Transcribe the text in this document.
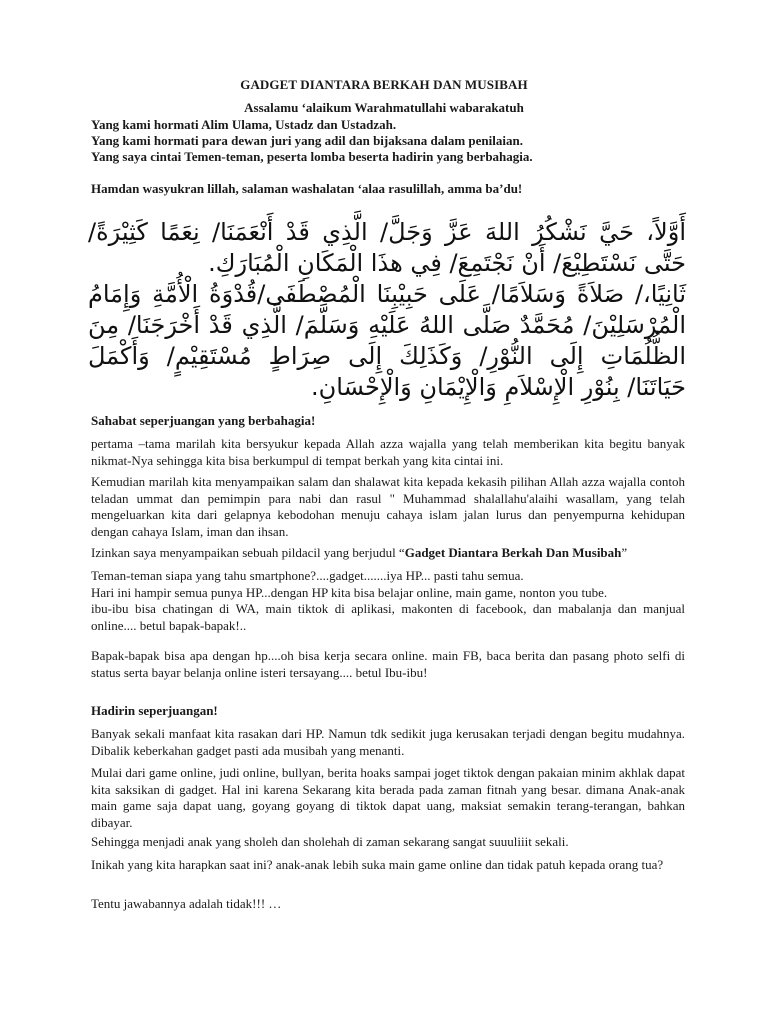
GADGET DIANTARA BERKAH DAN MUSIBAH
Assalamu ‘alaikum Warahmatullahi wabarakatuh
Yang kami hormati Alim Ulama, Ustadz dan Ustadzah.
Yang kami hormati para dewan juri yang adil dan bijaksana dalam penilaian.
Yang saya cintai Temen-teman, peserta lomba beserta hadirin yang berbahagia.
Hamdan wasyukran lillah, salaman washalatan ‘alaa rasulillah, amma ba’du!
أَوَّلاً، حَيَّ نَشْكُرُ اللهَ عَزَّ وَجَلَّ/ الَّذِي قَدْ أَنْعَمَنَا/ نِعَمًا كَثِيْرَةً/ حَتَّى نَسْتَطِيْعَ/ أَنْ نَجْتَمِعَ/ فِي هذَا الْمَكَانِ الْمُبَارَكِ.
ثَانِيًا،/ صَلاَةً وَسَلاَمًا/ عَلَى حَبِيْبِنَا الْمُصْطَفَى/قُدْوَةُ الْأُمَّةِ وَإِمَامُ الْمُرْسَلِيْنَ/ مُحَمَّدٌ صَلَّى اللهُ عَلَيْهِ وَسَلَّمَ/ الَّذِي قَدْ أَخْرَجَنَا/ مِنَ الظُّلُمَاتِ إِلَى النُّوْرِ/ وَكَذَلِكَ إِلَى صِرَاطٍ مُسْتَقِيْمٍ/ وَأَكْمَلَ حَيَاتَنَا/ بِنُوْرِ الْإِسْلاَمِ وَالْإِيْمَانِ وَالْإِحْسَانِ.
Sahabat seperjuangan yang berbahagia!
pertama –tama marilah kita bersyukur kepada Allah azza wajalla yang telah memberikan kita begitu banyak nikmat-Nya sehingga kita bisa berkumpul di tempat berkah yang kita cintai ini.
Kemudian marilah kita menyampaikan salam dan shalawat kita kepada kekasih pilihan Allah azza wajalla contoh teladan ummat dan pemimpin para nabi dan rasul " Muhammad shalallahu'alaihi wasallam, yang telah mengeluarkan kita dari gelapnya kebodohan menuju cahaya islam jalan lurus dan penyempurna kehidupan dengan cahaya Islam, iman dan ihsan.
Izinkan saya menyampaikan sebuah pildacil yang berjudul “Gadget Diantara Berkah Dan Musibah”
Teman-teman siapa yang tahu smartphone?....gadget.......iya HP... pasti tahu semua.
Hari ini hampir semua punya HP...dengan HP kita bisa belajar online, main game, nonton you tube.
ibu-ibu bisa chatingan di WA, main tiktok di aplikasi, makonten di facebook, dan mabalanja dan manjual online.... betul bapak-bapak!..
Bapak-bapak bisa apa dengan hp....oh bisa kerja secara online. main FB, baca berita dan pasang photo selfi di status serta bayar belanja online isteri tersayang.... betul Ibu-ibu!
Hadirin seperjuangan!
Banyak sekali manfaat kita rasakan dari HP. Namun tdk sedikit juga kerusakan terjadi dengan begitu mudahnya. Dibalik keberkahan gadget pasti ada musibah yang menanti.
Mulai dari game online, judi online, bullyan, berita hoaks sampai joget tiktok dengan pakaian minim akhlak dapat kita saksikan di gadget. Hal ini karena Sekarang kita berada pada zaman fitnah yang besar. dimana Anak-anak main game saja dapat uang, goyang goyang di tiktok dapat uang, maksiat semakin terang-terangan, bahkan dibayar.
Sehingga menjadi anak yang sholeh dan sholehah di zaman sekarang sangat suuuliiit sekali.
Inikah yang kita harapkan saat ini? anak-anak lebih suka main game online dan tidak patuh kepada orang tua?
Tentu jawabannya adalah tidak!!! …
